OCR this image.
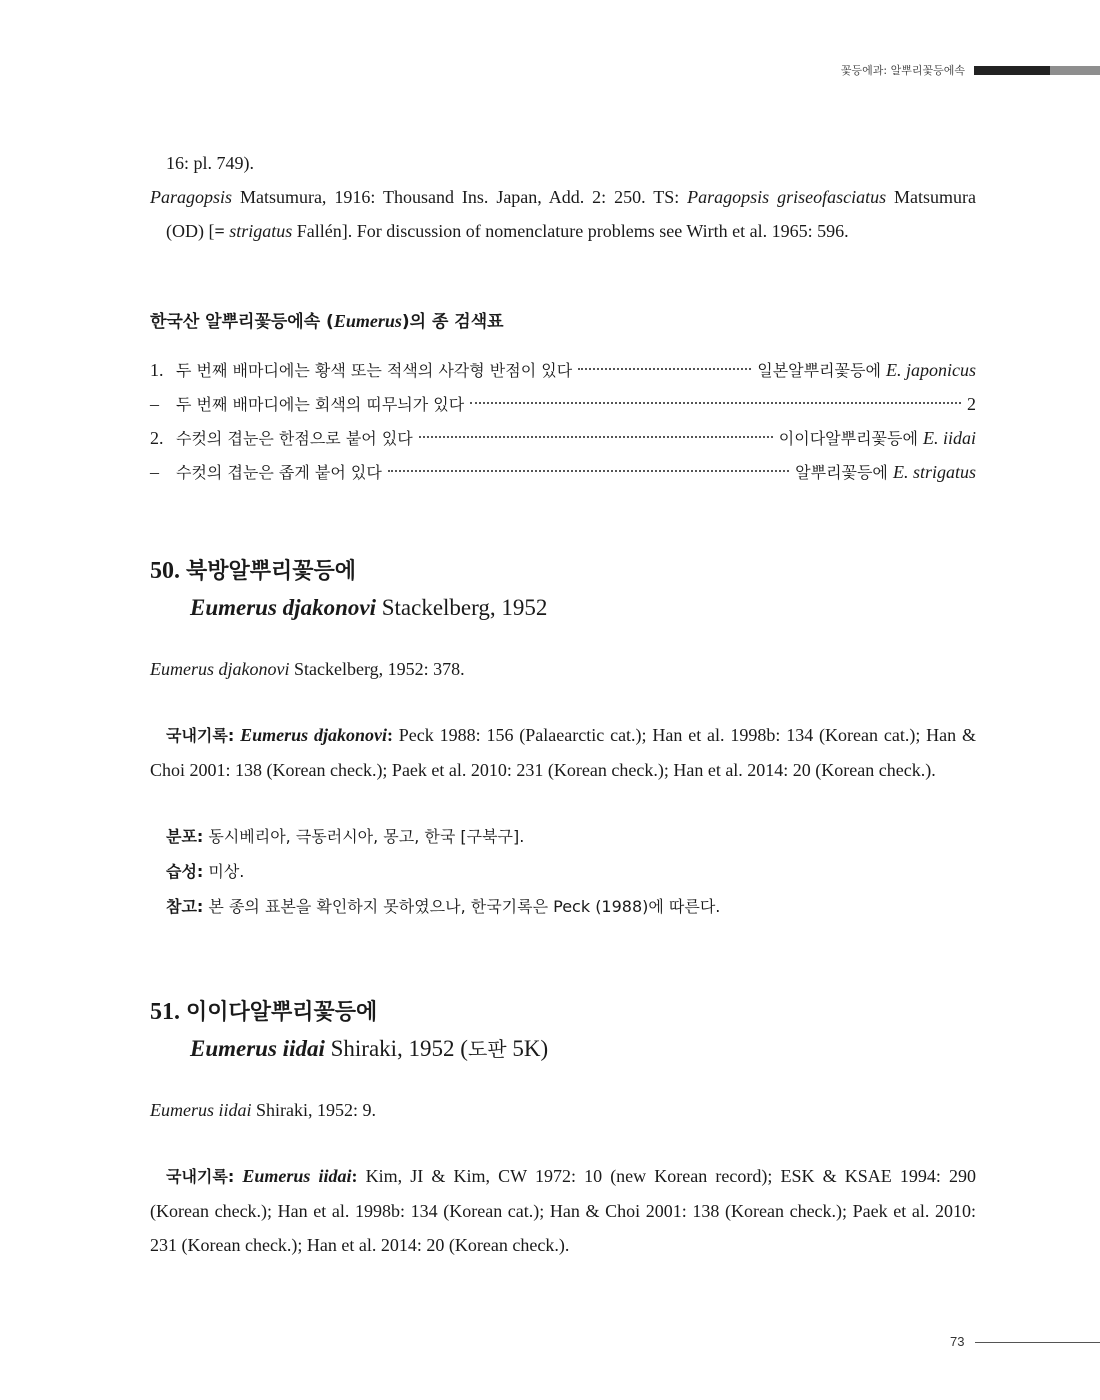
꽃등에과: 알뿌리꽃등에속

16: pl. 749).

Paragopsis Matsumura, 1916: Thousand Ins. Japan, Add. 2: 250. TS: Paragopsis griseofasciatus Matsumura (OD) [= strigatus Fallén]. For discussion of nomenclature problems see Wirth et al. 1965: 596.

한국산 알뿌리꽃등에속 (Eumerus)의 종 검색표
1. 두 번째 배마디에는 황색 또는 적색의 사각형 반점이 있다	일본알뿌리꽃등에 E. japonicus
–	두 번째 배마디에는 회색의 띠무늬가 있다	2
2. 수컷의 겹눈은 한점으로 붙어 있다	이이다알뿌리꽃등에 E. iidai
–	수컷의 겹눈은 좁게 붙어 있다	알뿌리꽃등에 E. strigatus
50. 북방알뿌리꽃등에
Eumerus djakonovi Stackelberg, 1952

Eumerus djakonovi Stackelberg, 1952: 378.

국내기록: Eumerus djakonovi: Peck 1988: 156 (Palaearctic cat.); Han et al. 1998b: 134 (Korean cat.); Han & Choi 2001: 138 (Korean check.); Paek et al. 2010: 231 (Korean check.); Han et al. 2014: 20 (Korean check.).

분포: 동시베리아, 극동러시아, 몽고, 한국 [구북구].

습성: 미상.

참고: 본 종의 표본을 확인하지 못하였으나, 한국기록은 Peck (1988)에 따른다.

51. 이이다알뿌리꽃등에
Eumerus iidai Shiraki, 1952 (도판 5K)

Eumerus iidai Shiraki, 1952: 9.

국내기록: Eumerus iidai: Kim, JI & Kim, CW 1972: 10 (new Korean record); ESK & KSAE 1994: 290 (Korean check.); Han et al. 1998b: 134 (Korean cat.); Han & Choi 2001: 138 (Korean check.); Paek et al. 2010: 231 (Korean check.); Han et al. 2014: 20 (Korean check.).

73
